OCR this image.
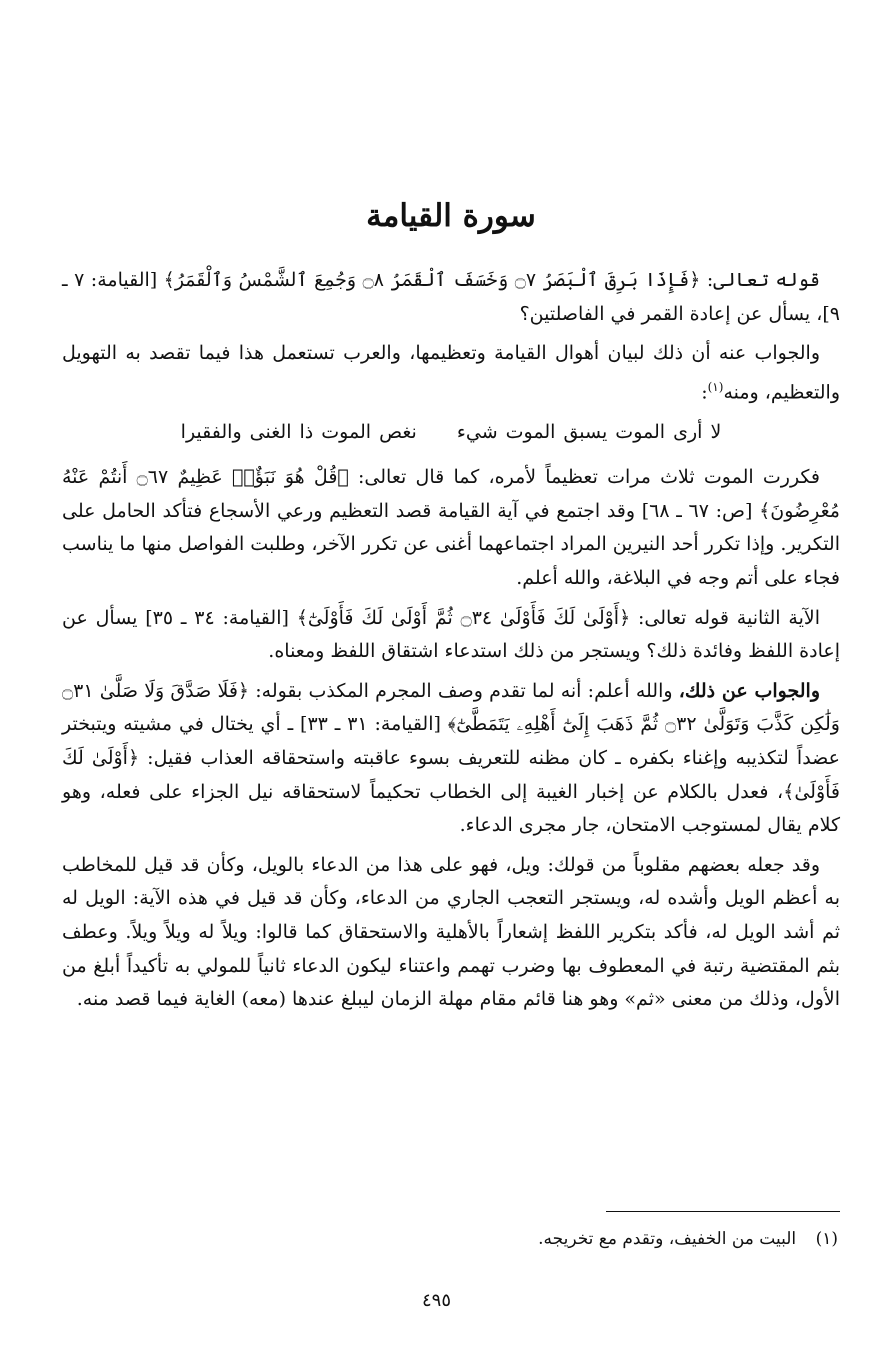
سورة القيامة

قوله تعالى: ﴿فَإِذَا بَرِقَ ٱلْبَصَرُ ۝٧ وَخَسَفَ ٱلْقَمَرُ ۝٨ وَجُمِعَ ٱلشَّمْسُ وَٱلْقَمَرُ﴾ [القيامة: ٧ ـ ٩]، يسأل عن إعادة القمر في الفاصلتين؟

والجواب عنه أن ذلك لبيان أهوال القيامة وتعظيمها، والعرب تستعمل هذا فيما تقصد به التهويل والتعظيم، ومنه$^{(١)}$:

لا أرى الموت يسبق الموت شيء  نغص الموت ذا الغنى والفقيرا

فكررت الموت ثلاث مرات تعظيماً لأمره، كما قال تعالى: ﴿قُلْ هُوَ نَبَؤٌا۟ عَظِيمٌ ۝٦٧ أَنتُمْ عَنْهُ مُعْرِضُونَ﴾ [ص: ٦٧ ـ ٦٨] وقد اجتمع في آية القيامة قصد التعظيم ورعي الأسجاع فتأكد الحامل على التكرير. وإذا تكرر أحد النيرين المراد اجتماعهما أغنى عن تكرر الآخر، وطلبت الفواصل منها ما يناسب فجاء على أتم وجه في البلاغة، والله أعلم.

الآية الثانية قوله تعالى: ﴿أَوْلَىٰ لَكَ فَأَوْلَىٰ ۝٣٤ ثُمَّ أَوْلَىٰ لَكَ فَأَوْلَىٰٓ﴾ [القيامة: ٣٤ ـ ٣٥] يسأل عن إعادة اللفظ وفائدة ذلك؟ ويستجر من ذلك استدعاء اشتقاق اللفظ ومعناه.

والجواب عن ذلك، والله أعلم: أنه لما تقدم وصف المجرم المكذب بقوله: ﴿فَلَا صَدَّقَ وَلَا صَلَّىٰ ۝٣١ وَلَٰكِن كَذَّبَ وَتَوَلَّىٰ ۝٣٢ ثُمَّ ذَهَبَ إِلَىٰٓ أَهْلِهِۦ يَتَمَطَّىٰٓ﴾ [القيامة: ٣١ ـ ٣٣] ـ أي يختال في مشيته ويتبختر عضداً لتكذيبه وإغناء بكفره ـ كان مظنه للتعريف بسوء عاقبته واستحقاقه العذاب فقيل: ﴿أَوْلَىٰ لَكَ فَأَوْلَىٰ﴾، فعدل بالكلام عن إخبار الغيبة إلى الخطاب تحكيماً لاستحقاقه نيل الجزاء على فعله، وهو كلام يقال لمستوجب الامتحان، جار مجرى الدعاء.

وقد جعله بعضهم مقلوباً من قولك: ويل، فهو على هذا من الدعاء بالويل، وكأن قد قيل للمخاطب به أعظم الويل وأشده له، ويستجر التعجب الجاري من الدعاء، وكأن قد قيل في هذه الآية: الويل له ثم أشد الويل له، فأكد بتكرير اللفظ إشعاراً بالأهلية والاستحقاق كما قالوا: ويلاً له ويلاً ويلاً. وعطف بثم المقتضية رتبة في المعطوف بها وضرب تهمم واعتناء ليكون الدعاء ثانياً للمولي به تأكيداً أبلغ من الأول، وذلك من معنى «ثم» وهو هنا قائم مقام مهلة الزمان ليبلغ عندها (معه) الغاية فيما قصد منه.

(١) البيت من الخفيف، وتقدم مع تخريجه.
٤٩٥
